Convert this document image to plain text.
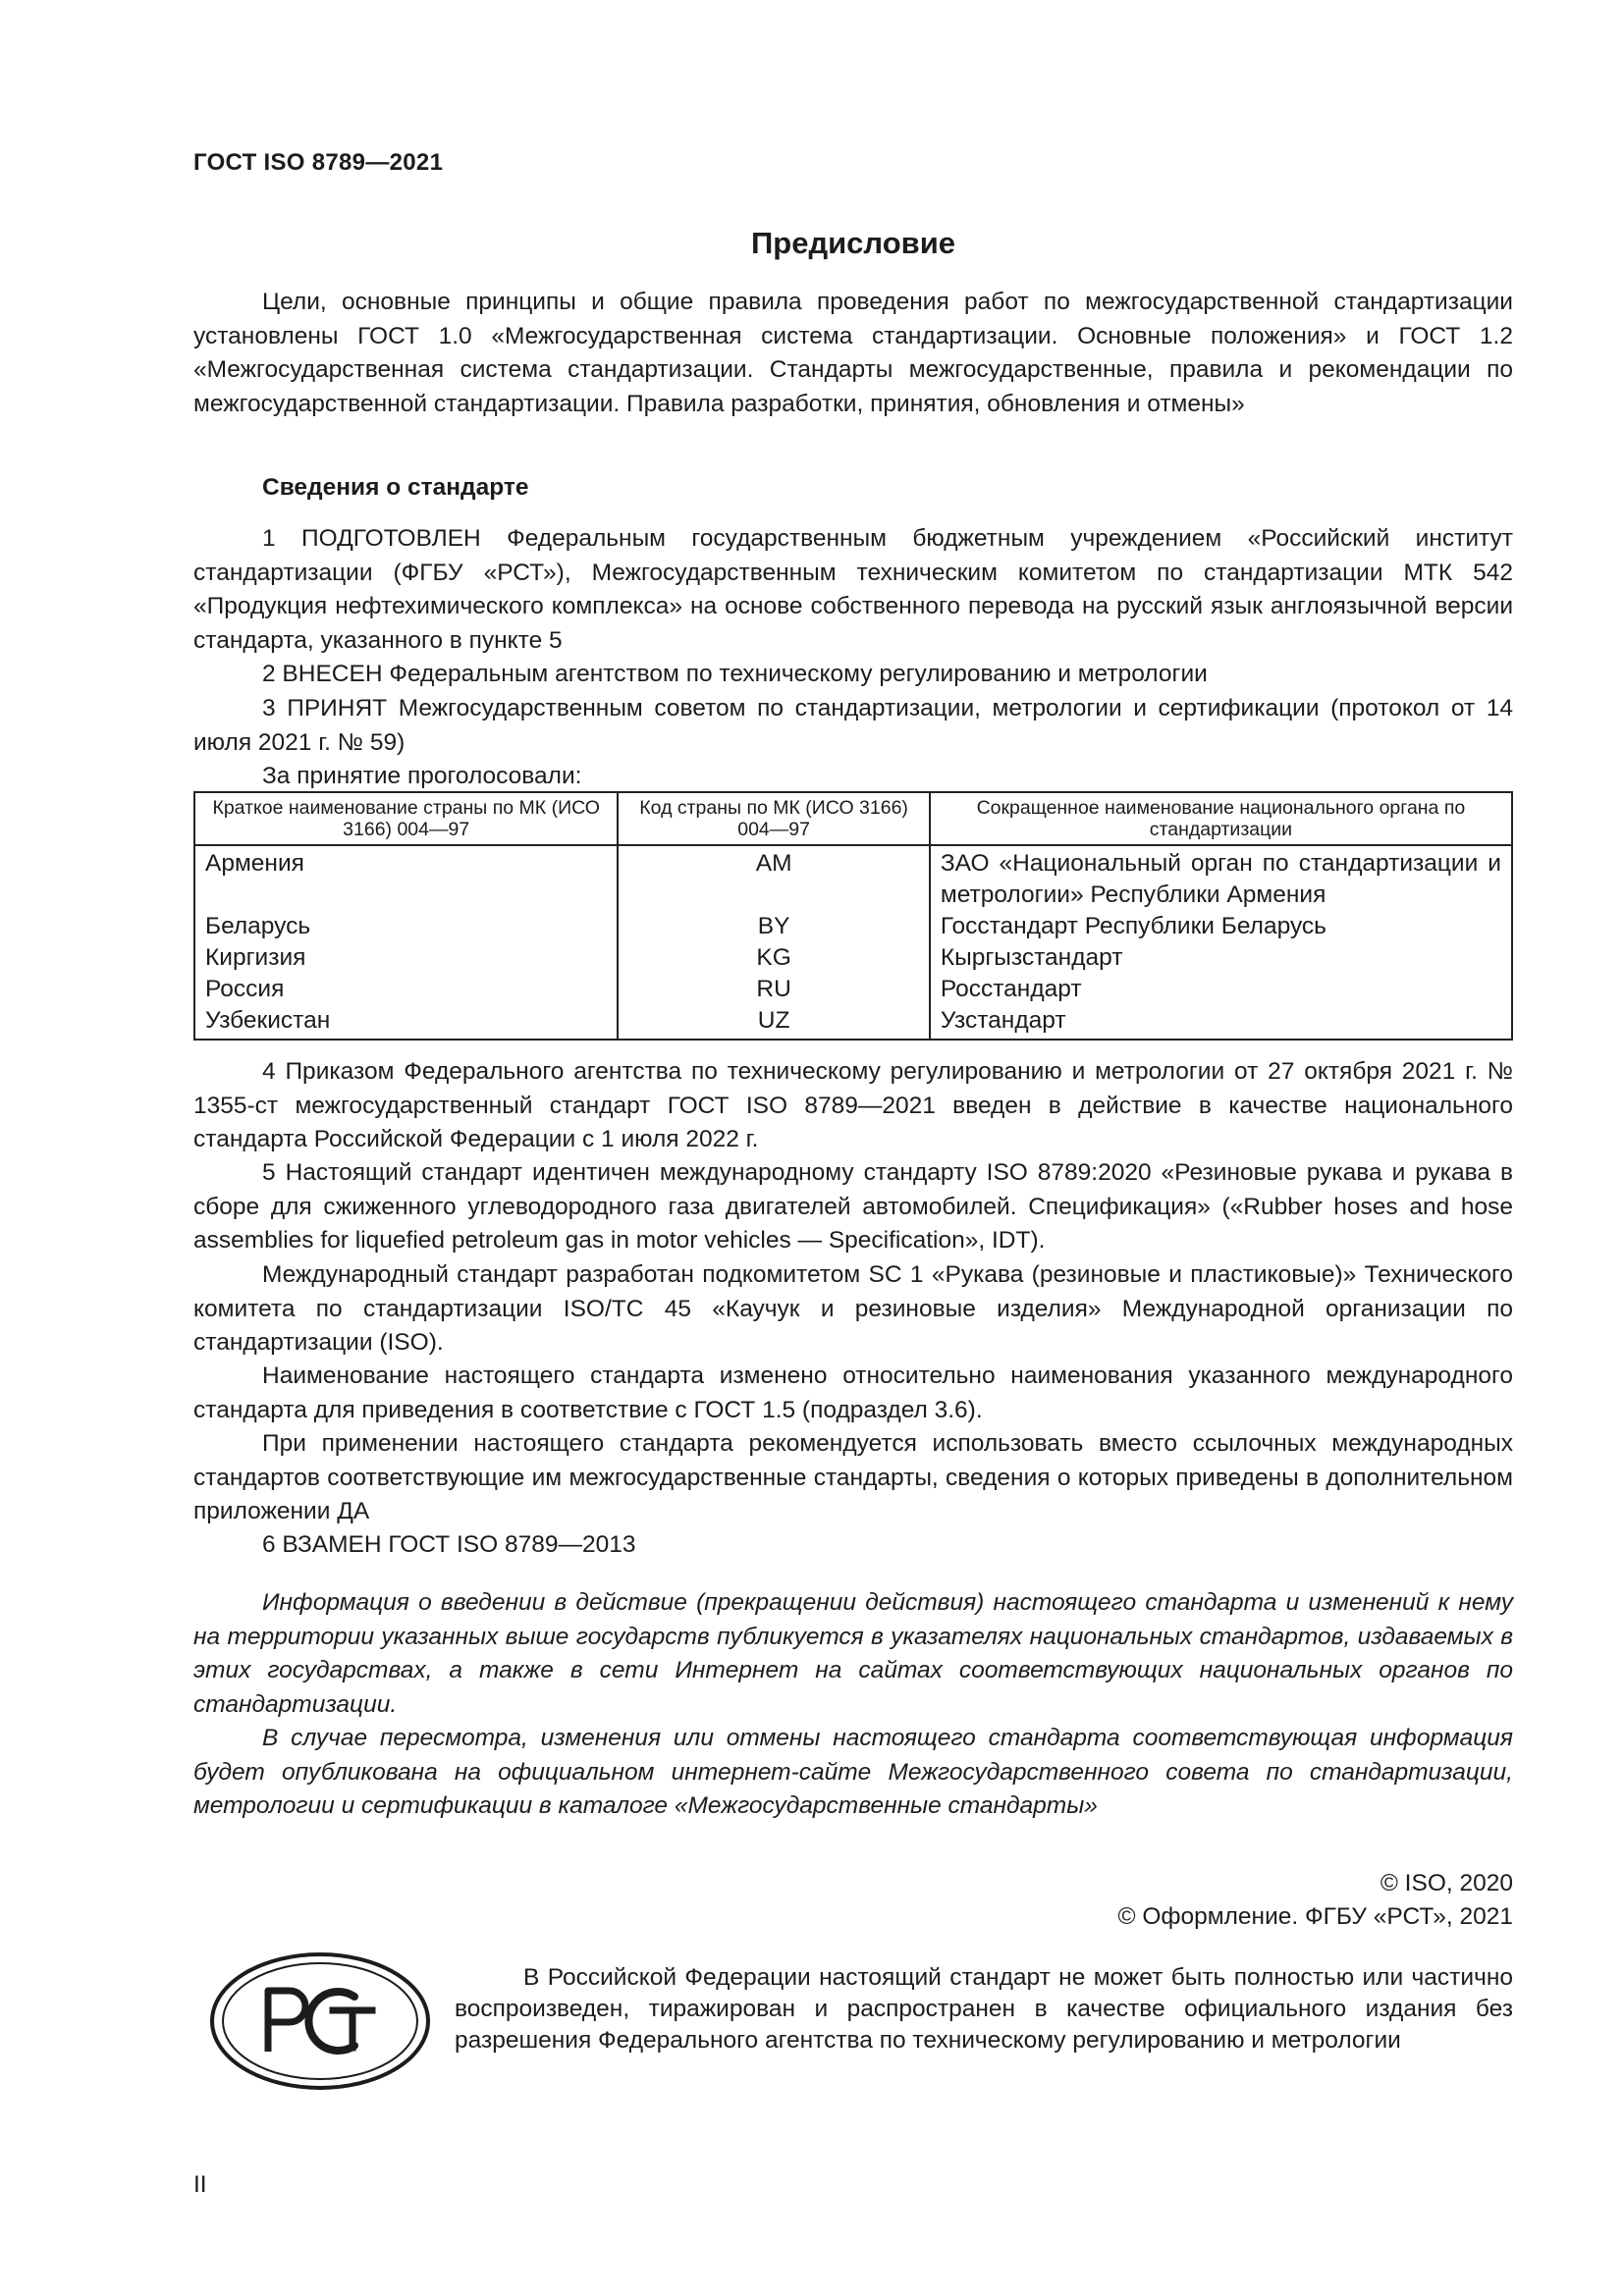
ГОСТ ISO 8789—2021
Предисловие

Цели, основные принципы и общие правила проведения работ по межгосударственной стандартизации установлены ГОСТ 1.0 «Межгосударственная система стандартизации. Основные положения» и ГОСТ 1.2 «Межгосударственная система стандартизации. Стандарты межгосударственные, правила и рекомендации по межгосударственной стандартизации. Правила разработки, принятия, обновления и отмены»

Сведения о стандарте

1 ПОДГОТОВЛЕН Федеральным государственным бюджетным учреждением «Российский институт стандартизации (ФГБУ «РСТ»), Межгосударственным техническим комитетом по стандартизации МТК 542 «Продукция нефтехимического комплекса» на основе собственного перевода на русский язык англоязычной версии стандарта, указанного в пункте 5

2 ВНЕСЕН Федеральным агентством по техническому регулированию и метрологии

3 ПРИНЯТ Межгосударственным советом по стандартизации, метрологии и сертификации (протокол от 14 июля 2021 г. № 59)

За принятие проголосовали:

Краткое наименование страны по МК (ИСО 3166) 004—97	Код страны по МК (ИСО 3166) 004—97	Сокращенное наименование национального органа по стандартизации
Армения	AM	ЗАО «Национальный орган по стандартизации и метрологии» Республики Армения
Беларусь	BY	Госстандарт Республики Беларусь
Киргизия	KG	Кыргызстандарт
Россия	RU	Росстандарт
Узбекистан	UZ	Узстандарт

4 Приказом Федерального агентства по техническому регулированию и метрологии от 27 октября 2021 г. № 1355-ст межгосударственный стандарт ГОСТ ISO 8789—2021 введен в действие в качестве национального стандарта Российской Федерации с 1 июля 2022 г.

5 Настоящий стандарт идентичен международному стандарту ISO 8789:2020 «Резиновые рукава и рукава в сборе для сжиженного углеводородного газа двигателей автомобилей. Спецификация» («Rubber hoses and hose assemblies for liquefied petroleum gas in motor vehicles — Specification», IDT).

Международный стандарт разработан подкомитетом SC 1 «Рукава (резиновые и пластиковые)» Технического комитета по стандартизации ISO/TC 45 «Каучук и резиновые изделия» Международной организации по стандартизации (ISO).

Наименование настоящего стандарта изменено относительно наименования указанного международного стандарта для приведения в соответствие с ГОСТ 1.5 (подраздел 3.6).

При применении настоящего стандарта рекомендуется использовать вместо ссылочных международных стандартов соответствующие им межгосударственные стандарты, сведения о которых приведены в дополнительном приложении ДА

6 ВЗАМЕН ГОСТ ISO 8789—2013

Информация о введении в действие (прекращении действия) настоящего стандарта и изменений к нему на территории указанных выше государств публикуется в указателях национальных стандартов, издаваемых в этих государствах, а также в сети Интернет на сайтах соответствующих национальных органов по стандартизации.

В случае пересмотра, изменения или отмены настоящего стандарта соответствующая информация будет опубликована на официальном интернет-сайте Межгосударственного совета по стандартизации, метрологии и сертификации в каталоге «Межгосударственные стандарты»

© ISO, 2020
© Оформление. ФГБУ «РСТ», 2021

В Российской Федерации настоящий стандарт не может быть полностью или частично воспроизведен, тиражирован и распространен в качестве официального издания без разрешения Федерального агентства по техническому регулированию и метрологии

II
